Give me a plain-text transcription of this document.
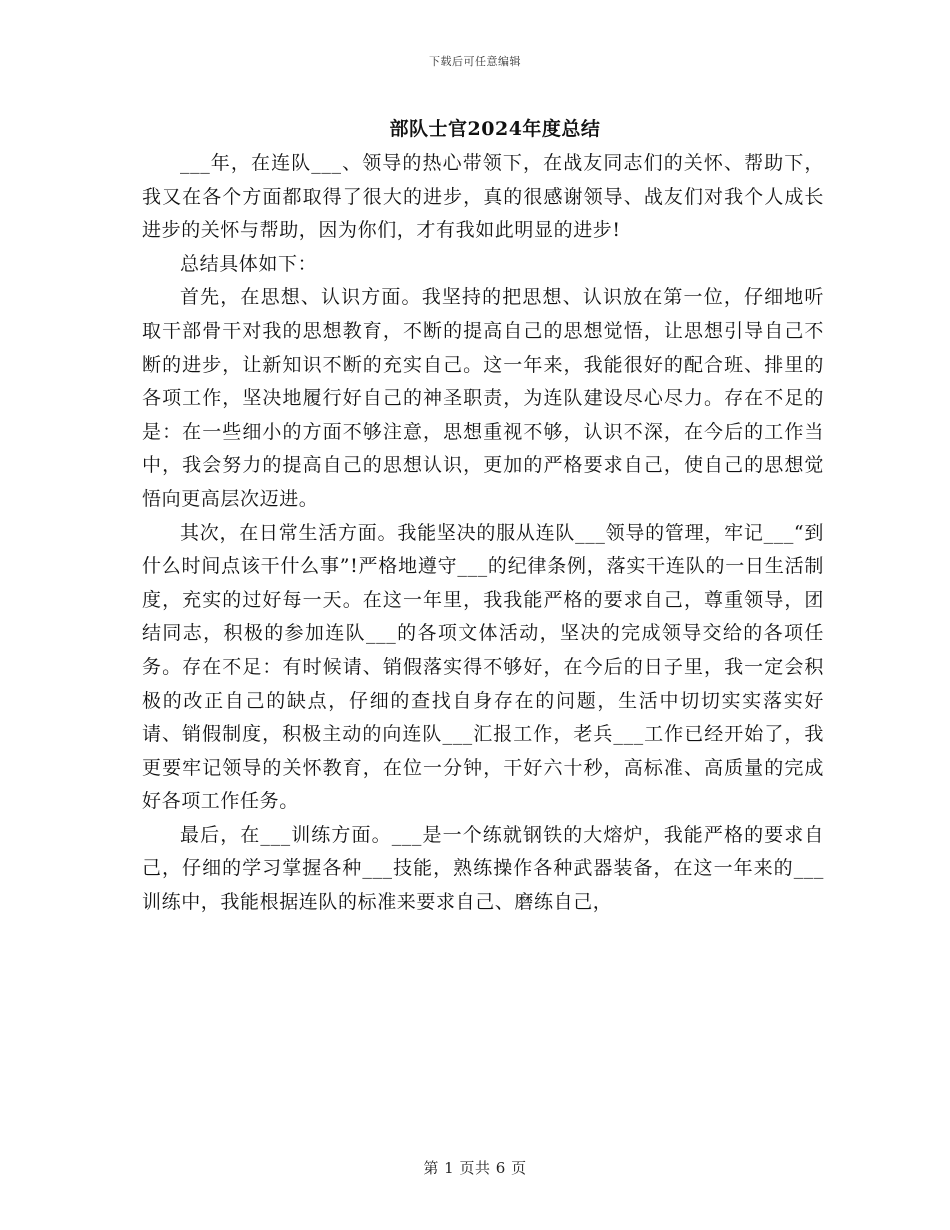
下载后可任意编辑
部队士官2024年度总结

___年，在连队___、领导的热心带领下，在战友同志们的关怀、帮助下，我又在各个方面都取得了很大的进步，真的很感谢领导、战友们对我个人成长进步的关怀与帮助，因为你们，才有我如此明显的进步!

总结具体如下：

首先，在思想、认识方面。我坚持的把思想、认识放在第一位，仔细地听取干部骨干对我的思想教育，不断的提高自己的思想觉悟，让思想引导自己不断的进步，让新知识不断的充实自己。这一年来，我能很好的配合班、排里的各项工作，坚决地履行好自己的神圣职责，为连队建设尽心尽力。存在不足的是：在一些细小的方面不够注意，思想重视不够，认识不深，在今后的工作当中，我会努力的提高自己的思想认识，更加的严格要求自己，使自己的思想觉悟向更高层次迈进。

其次，在日常生活方面。我能坚决的服从连队___领导的管理，牢记___“到什么时间点该干什么事”!严格地遵守___的纪律条例，落实干连队的一日生活制度，充实的过好每一天。在这一年里，我我能严格的要求自己，尊重领导，团结同志，积极的参加连队___的各项文体活动，坚决的完成领导交给的各项任务。存在不足：有时候请、销假落实得不够好，在今后的日子里，我一定会积极的改正自己的缺点，仔细的查找自身存在的问题，生活中切切实实落实好请、销假制度，积极主动的向连队___汇报工作，老兵___工作已经开始了，我更要牢记领导的关怀教育，在位一分钟，干好六十秒，高标准、高质量的完成好各项工作任务。

最后，在___训练方面。___是一个练就钢铁的大熔炉，我能严格的要求自己，仔细的学习掌握各种___技能，熟练操作各种武器装备，在这一年来的___训练中，我能根据连队的标准来要求自己、磨练自己，

第 1 页共 6 页
